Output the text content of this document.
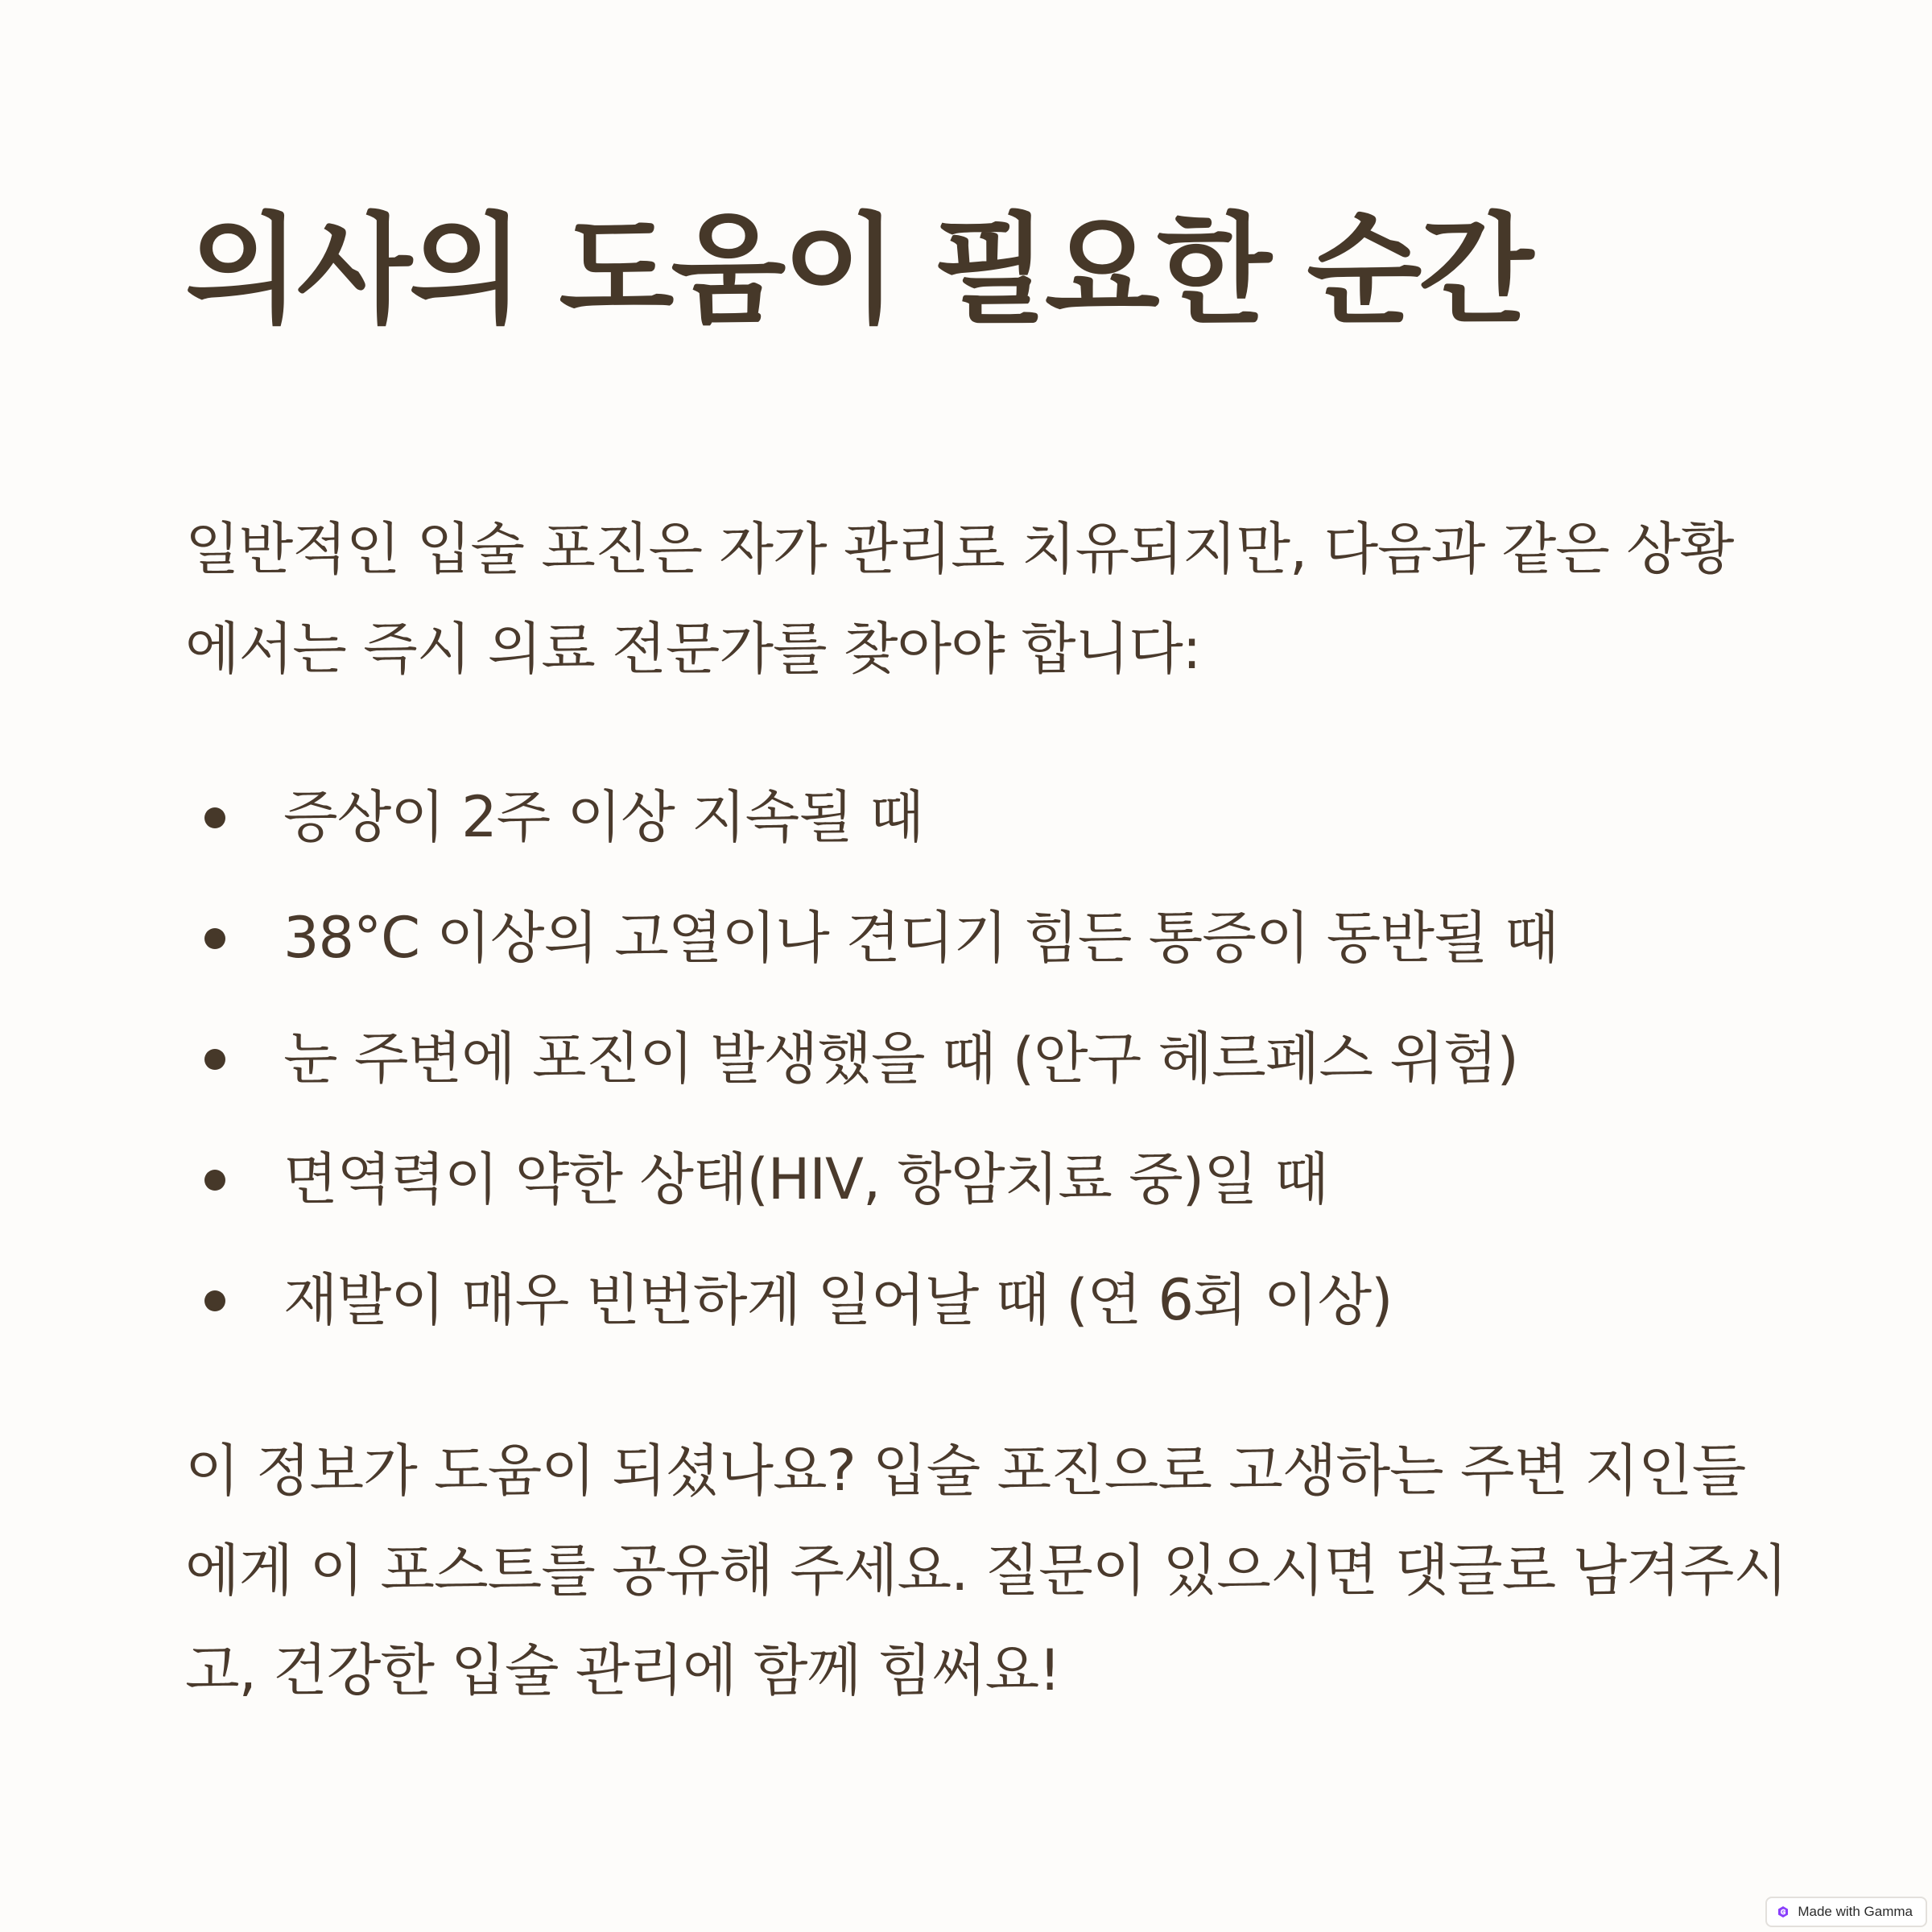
의사의 도움이 필요한 순간

일반적인 입술 포진은 자가 관리로 치유되지만, 다음과 같은 상황에서는 즉시 의료 전문가를 찾아야 합니다:

증상이 2주 이상 지속될 때
38°C 이상의 고열이나 견디기 힘든 통증이 동반될 때
눈 주변에 포진이 발생했을 때 (안구 헤르페스 위험)
면역력이 약한 상태(HIV, 항암치료 중)일 때
재발이 매우 빈번하게 일어날 때 (연 6회 이상)

이 정보가 도움이 되셨나요? 입술 포진으로 고생하는 주변 지인들에게 이 포스트를 공유해 주세요. 질문이 있으시면 댓글로 남겨주시고, 건강한 입술 관리에 함께 힘써요!

Made with Gamma
